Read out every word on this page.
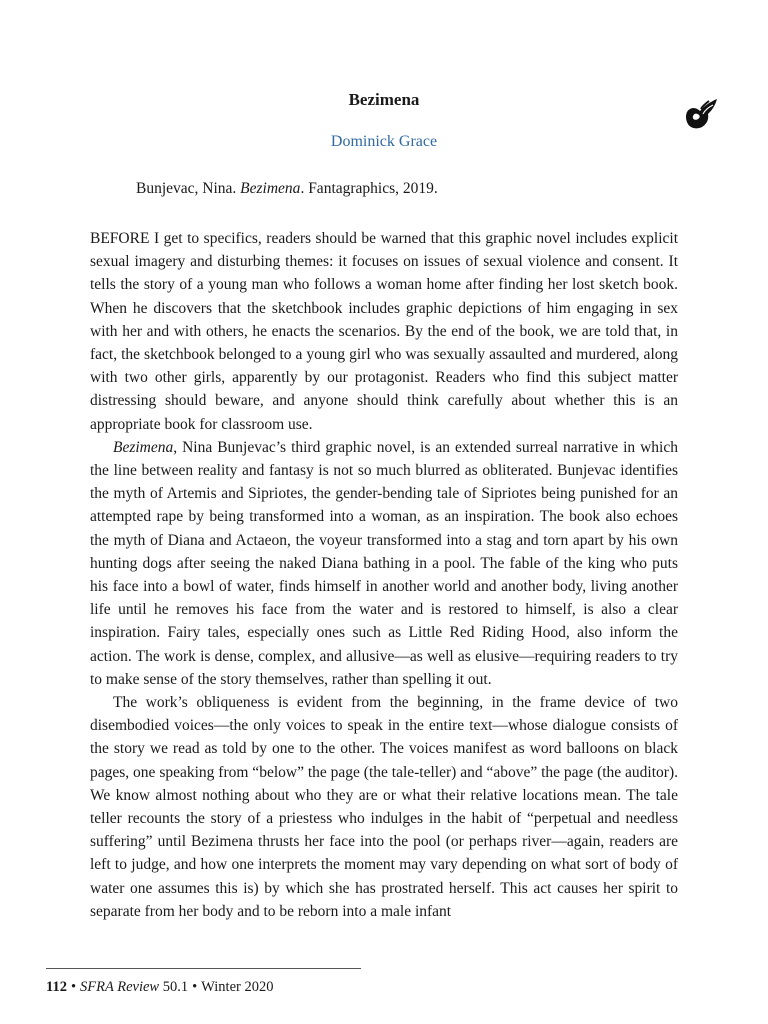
Bezimena
Dominick Grace

Bunjevac, Nina. Bezimena. Fantagraphics, 2019.

BEFORE I get to specifics, readers should be warned that this graphic novel includes explicit sexual imagery and disturbing themes: it focuses on issues of sexual violence and consent. It tells the story of a young man who follows a woman home after finding her lost sketch book. When he discovers that the sketchbook includes graphic depictions of him engaging in sex with her and with others, he enacts the scenarios. By the end of the book, we are told that, in fact, the sketchbook belonged to a young girl who was sexually assaulted and murdered, along with two other girls, apparently by our protagonist. Readers who find this subject matter distressing should beware, and anyone should think carefully about whether this is an appropriate book for classroom use.

Bezimena, Nina Bunjevac’s third graphic novel, is an extended surreal narrative in which the line between reality and fantasy is not so much blurred as obliterated. Bunjevac identifies the myth of Artemis and Sipriotes, the gender-bending tale of Sipriotes being punished for an attempted rape by being transformed into a woman, as an inspiration. The book also echoes the myth of Diana and Actaeon, the voyeur transformed into a stag and torn apart by his own hunting dogs after seeing the naked Diana bathing in a pool. The fable of the king who puts his face into a bowl of water, finds himself in another world and another body, living another life until he removes his face from the water and is restored to himself, is also a clear inspiration. Fairy tales, especially ones such as Little Red Riding Hood, also inform the action. The work is dense, complex, and allusive—as well as elusive—requiring readers to try to make sense of the story themselves, rather than spelling it out.

The work’s obliqueness is evident from the beginning, in the frame device of two disembodied voices—the only voices to speak in the entire text—whose dialogue consists of the story we read as told by one to the other. The voices manifest as word balloons on black pages, one speaking from “below” the page (the tale-teller) and “above” the page (the auditor). We know almost nothing about who they are or what their relative locations mean. The tale teller recounts the story of a priestess who indulges in the habit of “perpetual and needless suffering” until Bezimena thrusts her face into the pool (or perhaps river—again, readers are left to judge, and how one interprets the moment may vary depending on what sort of body of water one assumes this is) by which she has prostrated herself. This act causes her spirit to separate from her body and to be reborn into a male infant

112 • SFRA Review 50.1 • Winter 2020
